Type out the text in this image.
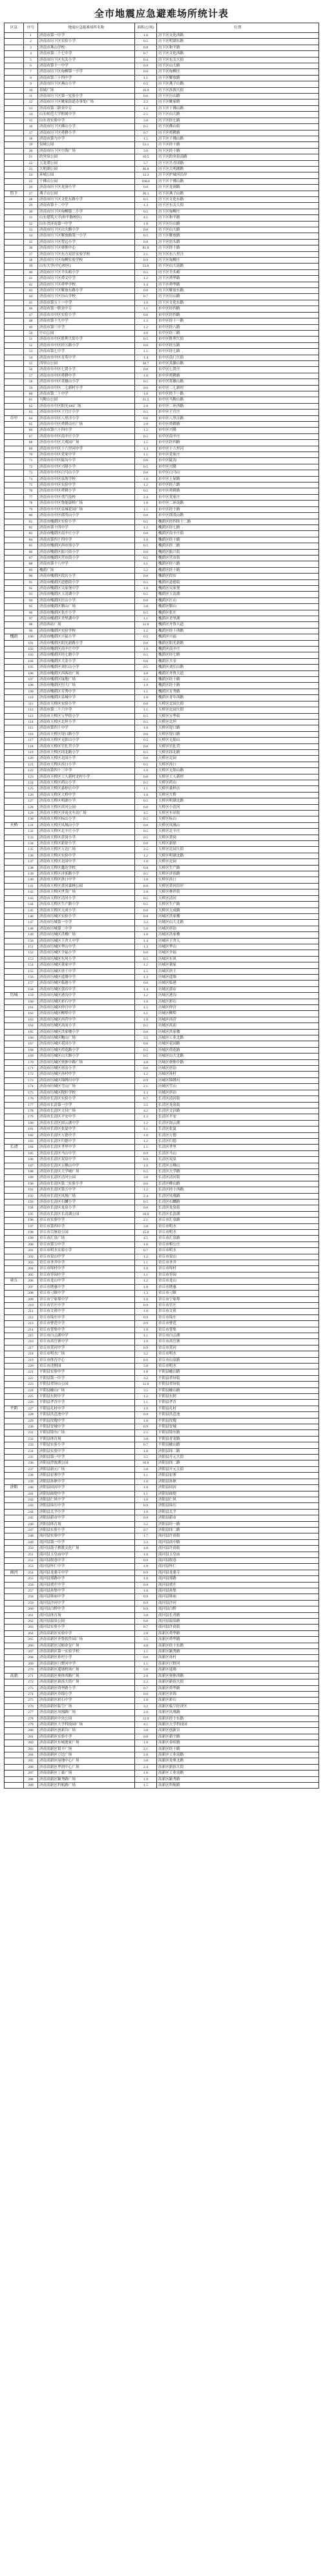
全市地震应急避难场所统计表
区县	序号	地震应急避难场所名称	面积(公顷)	位置
	1	济南市第一中学	1.6	历下区文化西路
	2	济南市历下区实验小学	0.5	历下区明湖东路
	3	济南市燕山学校	0.8	历下区和平路
	4	济南市第二十七中学	0.7	历下区文化西路
	5	济南市历下区东关小学	0.4	历下区东关大街
	6	济南市第十一中学	0.9	历下区山大路
	7	济南市历下区甸柳第一小学	0.6	历下区甸柳庄
	8	济南市第三十四中学	1.1	历下区解放路
	9	济南市历下区燕山小学	0.5	历下区燕子山路
	10	泉城广场	16.9	历下区泺源大街
	11	济南市历下区第一实验小学	0.6	历下区历山路
	12	济南市历下区姚家街道办事处广场	2.3	历下区姚家路
	13	济南市第三职业中专	1.2	历下区千佛山路
	14	山东师范大学附属中学	2.5	历下区山大路
	15	山东省实验中学	3.6	历下区经七路
	16	济南市历下区佛山小学	0.5	历下区佛山街
	17	济南市历下区舜耕小学	0.7	历下区舜耕路
	18	济南市第九中学	1.5	历下区千佛山路
	19	泉城公园	53.1	历下区经十路
	20	济南市历下区中海广场	3.0	历下区经十路
	21	趵突泉公园	10.5	历下区趵突泉南路
	22	五龙潭公园	5.7	历下区共青团路
	23	大明湖公园	46.0	历下区大明湖路
	24	环城公园	12.3	历下区护城河沿岸
	25	千佛山公园	166.0	历下区千佛山路
	26	济南市历下区龙洞小学	0.6	历下区龙洞路
历下	27	燕子山公园	30.1	历下区燕子山路
	28	济南市历下区文化东路小学	0.5	历下区文化东路
	29	济南市第十二中学	1.3	历下区东关大街
	30	济南市历下区甸柳第二小学	0.5	历下区甸柳庄
	31	山东建筑大学(和平路校区)	4.1	历下区和平路
	32	山东省济南第一中学	1.8	历下区历山路
	33	济南市历下区山大路小学	0.6	历下区山大路
	34	济南市历下区解放路第一小学	0.5	历下区解放路
	35	济南市历下区智远小学	0.8	历下区窑头路
	36	济南市历下区奥体中心	81.0	历下区经十路
	37	济南市历下区东方双语实验学校	2.1	历下区东八里洼
	38	济南市历下区甸柳实验学校	0.9	历下区甸柳庄
	39	山东大学(中心校区)	53.0	历下区山大南路
	40	济南市历下区羊头峪小学	0.5	历下区羊头峪
	41	济南市历下区舜文中学	1.2	历下区舜华路
	42	济南市历下区舜华学校	1.4	历下区舜华路
	43	济南市历下区解放东路小学	0.6	历下区解放东路
	44	济南市历下区历山学校	0.7	历下区历山路
	45	济南市第五十一中学	1.0	历下区文化东路
	46	济南市第一职业中专	1.1	市中区经四路
	47	济南市市中区实验小学	0.6	市中区经四路
	48	济南市第十九中学	1.3	市中区经十一路
	49	济南市第三中学	1.2	市中区经八路
	50	中山公园	4.6	市中区经三路
	51	济南市市中区胜利大街小学	0.5	市中区胜利大街
	52	济南市市中区经五路小学	0.6	市中区经五路
	53	济南市第七中学	1.1	市中区经七路
	54	济南市市中区育英中学	1.4	市中区南门大街
	55	四里山公园	38.7	市中区英雄山路
	56	济南市市中区七贤小学	0.6	市中区七贤庄
	57	济南市市中区舜耕中学	1.0	市中区舜耕路
	58	济南市市中区英雄山小学	0.5	市中区英雄山路
	59	济南市市中区二七新村小学	0.6	市中区二七新村
	60	济南市第二十中学	1.0	市中区经十一路
	61	马鞍山公园	21.5	市中区马鞍山路
	62	济南市市中区阳光100广场	2.8	市中区二环西路
	63	济南市市中区王官庄小学	0.5	市中区王官庄
市中	64	济南市市中区八里洼小学	0.6	市中区八里洼路
	65	济南市市中区舜耕山庄广场	2.0	市中区舜耕路
	66	济南市第六十四中学	1.2	市中区兴隆
	67	济南市市中区南辛庄小学	0.5	市中区南辛庄
	68	济南市市中区大观园广场	1.5	市中区经四路
	69	济南市市中区十六里河中学	1.3	市中区十六里河
	70	济南市市中区党家中学	1.1	市中区党家庄
	71	济南市市中区陡沟小学	0.6	市中区陡沟
	72	济南市市中区兴隆小学	0.5	市中区兴隆
	73	济南市市中区白马山小学	0.6	市中区白马山
	74	济南市市中区泉海学校	1.0	市中区土屋路
	75	济南市市中区实验中学	1.2	市中区经六路
	76	济南市市中区舜耕小学	0.5	市中区舜耕路
	77	济南市市中区重汽技校	2.4	市中区党家庄
	78	济南市市中区鲁能康桥广场	1.8	市中区二环南路
	79	济南市市中区泉城花园广场	1.5	市中区经十路
	80	济南市市中区郎茂山小学	0.6	市中区郎茂山路
	81	济南市槐荫区实验小学	0.5	槐荫区经四纬十二路
	82	济南市第十四中学	1.2	槐荫区经七路
	83	济南市槐荫区南辛庄小学	0.6	槐荫区南辛庄街
	84	济南市第四十四中学	1.0	槐荫区经十路
	85	济南市槐荫区西市场小学	0.5	槐荫区经二路
	86	济南市槐荫区振兴街小学	0.6	槐荫区振兴街
	87	济南市槐荫区营市街小学	0.5	槐荫区营市街
	88	济南市第十八中学	1.1	槐荫区经六路
	89	槐荫广场	5.2	槐荫区经十路
	90	济南市槐荫区段店小学	0.6	槐荫区段店
	91	济南市槐荫区道德街小学	0.5	槐荫区道德街
	92	济南市槐荫区吴家堡中学	1.0	槐荫区吴家堡
	93	济南市槐荫区玉清湖小学	0.5	槐荫区玉清湖
	94	济南市槐荫区匡山小学	0.6	槐荫区匡山
	95	济南市槐荫区腊山广场	3.0	槐荫区腊山
	96	济南市槐荫区张庄小学	0.5	槐荫区张庄
	97	济南市槐荫区美里湖中学	1.1	槐荫区美里湖
	98	济南西站广场	12.0	槐荫区齐鲁大道
	99	济南市槐荫区实验学校	1.2	槐荫区经十西路
槐荫	100	济南市槐荫区兴福小学	0.5	槐荫区兴福
	101	济南市槐荫区阳光新路小学	0.6	槐荫区阳光新路
	102	济南市槐荫区南辛庄中学	1.0	槐荫区南辛庄
	103	济南市槐荫区经七路小学	0.5	槐荫区经七路
	104	济南市槐荫区大金小学	0.6	槐荫区大金
	105	济南市槐荫区刘长山小学	0.5	槐荫区刘长山路
	106	济南市槐荫区西客站广场	4.8	槐荫区齐鲁大道
	107	济南市槐荫区绿地广场	2.2	槐荫区经十路
	108	济南市槐荫区恒大广场	1.9	槐荫区经十路
	109	济南市槐荫区育秀中学	1.1	槐荫区育秀路
	110	济南市槐荫区泉城中学	1.0	槐荫区青年西路
	111	济南市天桥区实验小学	0.6	天桥区北园大街
	112	济南市第二十六中学	1.1	天桥区北园大街
	113	济南市天桥区宝华街小学	0.5	天桥区宝华街
	114	济南市天桥区北坦小学	0.5	天桥区北坦
	115	济南市第四十中学	1.0	天桥区堤口路
	116	济南市天桥区堤口路小学	0.6	天桥区堤口路
	117	济南市天桥区无影山小学	0.5	天桥区无影山
	118	济南市天桥区官扎营小学	0.6	天桥区官扎营
	119	济南市天桥区纬北路小学	0.5	天桥区纬北路
	120	济南市天桥区北园小学	0.6	天桥区北园
	121	济南市天桥区泺口小学	0.5	天桥区泺口
	122	济南市第四十三中学	1.0	天桥区无影山路
	123	济南市天桥区工人新村北村小学	0.6	天桥区工人新村
	124	济南市天桥区药山小学	0.5	天桥区药山
	125	济南市天桥区桑梓店中学	1.1	天桥区桑梓店
	126	济南市天桥区大桥中学	1.0	天桥区大桥
	127	济南市天桥区明湖小学	0.5	天桥区明湖北路
	128	济南市天桥区滨河公园	6.0	天桥区小清河
	129	济南市天桥区济南火车站广场	4.5	天桥区车站街
	130	济南市天桥区标山小学	0.5	天桥区标山
天桥	131	济南市天桥区凤凰山小学	0.6	天桥区凤凰山
	132	济南市天桥区北辛庄小学	0.5	天桥区北辛庄
	133	济南市天桥区黄岗小学	0.5	天桥区黄岗
	134	济南市天桥区新徐小学	0.6	天桥区新徐
	135	济南市天桥区万达广场	2.5	天桥区北园大街
	136	济南市天桥区实验中学	1.2	天桥区明湖北路
	137	济南市天桥区北园中学	1.0	天桥区北园
	138	济南市天桥区鑫达学校	0.8	天桥区生产路
	139	济南市天桥区济泺路小学	0.5	天桥区济泺路
	140	济南市天桥区洛口中学	1.0	天桥区泺口
	141	济南市天桥区黄河森林公园	8.0	天桥区黄河沿岸
	142	济南市天桥区世茂广场	2.0	天桥区林祥街
	143	济南市天桥区清河小学	0.5	天桥区清河
	144	济南市天桥区生产路小学	0.5	天桥区生产路
	145	济南市天桥区天成小学	0.6	天桥区天成路
	146	济南市历城区实验小学	0.8	历城区洪家楼
	147	济南市历城第一中学	3.2	历城区山大北路
	148	济南市历城第二中学	5.0	历城区唐冶
	149	济南市历城区洪楼广场	1.8	历城区洪家楼
	150	济南市历城区王舍人中学	1.4	历城区王舍人
	151	济南市历城区华山中学	1.3	历城区华山
	152	济南市历城区全福小学	0.6	历城区全福
	153	济南市历城区东风小学	0.5	历城区东风
	154	济南市历城区董家中学	1.2	历城区董家
	155	济南市历城区唐王中学	1.5	历城区唐王
	156	济南市历城区遥墙中学	1.3	历城区遥墙
	157	济南市历城区临港小学	0.6	历城区临港
	158	济南市历城区郭店中学	1.4	历城区郭店
历城	159	济南市历城区港沟中学	1.2	历城区港沟
	160	济南市历城区彩石中学	1.0	历城区彩石
	161	济南市历城区仲宫中学	1.5	历城区仲宫
	162	济南市历城区柳埠中学	1.1	历城区柳埠
	163	济南市历城区西营中学	1.0	历城区西营
	164	济南市历城区高而小学	0.5	历城区高而
	165	济南市历城区洪家楼小学	0.6	历城区洪家楼
	166	济南市历城区鲍山广场	3.5	历城区工业北路
	167	济南市历城区花园小学	0.6	历城区花园路
	168	济南市历城区荷花路小学	0.5	历城区荷花路
	169	济南市历城区山大路小学	0.5	历城区山大北路
	170	济南市历城区奥体中路广场	4.0	历城区奥体中路
	171	济南市历城区唐冶小学	0.6	历城区唐冶
	172	济南市历城区孙村中学	1.2	历城区孙村
	173	济南市历城区锦绣川中学	0.9	历城区锦绣川
	174	济南市历城区雪山广场	2.1	历城区雪山
	175	济南市历城区稼轩学校	1.3	历城区唐冶
	176	济南市长清区实验小学	0.7	长清区清河街
	177	济南市长清第一中学	3.5	长清区龙泉街
	178	济南市长清区文昌广场	4.2	长清区文昌路
	179	济南市长清区平安中学	1.3	长清区平安
	180	济南市长清区崮云湖中学	1.2	长清区崮云湖
	181	济南市长清区张夏中学	1.1	长清区张夏
	182	济南市长清区万德中学	1.0	长清区万德
	183	济南市长清区归德中学	1.2	长清区归德
长清	184	济南市长清区孝里中学	1.1	长清区孝里
	185	济南市长清区马山中学	0.9	长清区马山
	186	济南市长清区双泉中学	0.9	长清区双泉
	187	济南市长清区五峰山中学	1.0	长清区五峰山
	188	济南市长清区大学城广场	6.5	长清区大学路
	189	济南市长清区清河公园	3.8	长清区清河街
	190	济南市长清区第二实验小学	0.6	长清区峰山路
	191	济南市长清区第五中学	1.2	长清区经十西路
	192	济南市长清区凤凰广场	2.4	长清区凤凰路
	193	济南市长清区石麟小学	0.5	长清区石麟路
	194	济南市长清区龙泉小学	0.6	长清区龙泉街
	195	济南市长清区长清湖公园	10.0	长清区长清湖
	196	章丘市实验中学	2.1	章丘市汇泉路
	197	章丘市第四中学	3.0	章丘市明水
	198	章丘市百脉泉公园	15.0	章丘市明水
	199	章丘市汇泉广场	4.5	章丘市汇泉路
	200	章丘市第五中学	1.6	章丘市相公庄
	201	章丘市明水实验小学	0.7	章丘市明水
	202	章丘市双山中学	1.2	章丘市双山
	203	章丘市圣井中学	1.1	章丘市圣井
	204	章丘市埠村中学	1.0	章丘市埠村
	205	章丘市枣园中学	1.1	章丘市枣园
章丘	206	章丘市龙山中学	1.2	章丘市龙山
	207	章丘市绣惠中学	1.0	章丘市绣惠
	208	章丘市刁镇中学	1.3	章丘市刁镇
	209	章丘市宁家埠中学	1.0	章丘市宁家埠
	210	章丘市官庄中学	0.9	章丘市官庄
	211	章丘市文祖中学	1.0	章丘市文祖
	212	章丘市垛庄中学	0.9	章丘市垛庄
	213	章丘市曹范中学	0.9	章丘市曹范
	214	章丘市普集中学	1.0	章丘市普集
	215	章丘市白云湖中学	1.1	章丘市白云湖
	216	章丘市高官寨中学	1.0	章丘市高官寨
	217	章丘市黄河中学	0.9	章丘市黄河
	218	章丘市明水广场	3.2	章丘市明水
	219	章丘市体育中心	8.0	章丘市山泉路
	220	章丘市清照园	5.0	章丘市明水
	221	平阴县实验中学	1.8	平阴县榆山路
	222	平阴县第一中学	3.2	平阴县翠屏街
	223	平阴县翠屏山公园	12.0	平阴县翠屏街
	224	平阴县榆山广场	3.5	平阴县榆山路
	225	平阴县东阿中学	1.2	平阴县东阿
	226	平阴县孝直中学	1.1	平阴县孝直
平阴	227	平阴县孔村中学	1.0	平阴县孔村
	228	平阴县洪范池中学	0.9	平阴县洪范池
	229	平阴县玫瑰中学	1.0	平阴县玫瑰
	230	平阴县安城中学	0.9	平阴县安城
	231	平阴县锦东广场	2.5	平阴县锦东路
	232	平阴县体育场	3.0	平阴县青龙路
	233	平阴县实验小学	0.7	平阴县榆山路
	234	济阳县实验中学	1.8	济阳县纬二路
	235	济阳县第一中学	3.5	济阳县开元大街
	236	济阳县澄波湖公园	10.0	济阳县纬二路
	237	济阳县新元广场	3.0	济阳县开元大街
	238	济阳县崔寨中学	1.1	济阳县崔寨
	239	济阳县孙耿中学	1.0	济阳县孙耿
济阳	240	济阳县回河中学	1.0	济阳县回河
	241	济阳县曲堤中学	1.1	济阳县曲堤
	242	济阳县仁风中学	1.0	济阳县仁风
	243	济阳县垛石中学	0.9	济阳县垛石
	244	济阳县太平中学	1.0	济阳县太平
	245	济阳县新市中学	0.9	济阳县新市
	246	济阳县体育场	3.2	济阳县经一路
	247	济阳县实验小学	0.7	济阳县纬二路
	248	商河县实验中学	1.7	商河县许商街
	249	商河县第一中学	3.3	商河县商中路
	250	商河县鼓子秧歌文化广场	4.0	商河县许商街
	251	商河县玉皇庙中学	1.0	商河县玉皇庙
	252	商河县殷巷中学	0.9	商河县殷巷
	253	商河县怀仁中学	1.0	商河县怀仁
商河	254	商河县龙桑寺中学	0.9	商河县龙桑寺
	255	商河县郑路中学	1.0	商河县郑路
	256	商河县贾庄中学	0.9	商河县贾庄
	257	商河县孙集中学	1.0	商河县孙集
	258	商河县韩庙中学	0.9	商河县韩庙
	259	商河县沙河中学	0.9	商河县沙河
	260	商河县白桥中学	0.9	商河县白桥
	261	商河县体育场	3.0	商河县长青路
	262	商河县温泉公园	6.0	商河县温泉路
	263	商河县实验小学	0.7	商河县许商街
	264	济南高新区实验中学	2.0	高新区舜华路
	265	济南高新区齐鲁软件园广场	3.5	高新区舜华路
	266	济南高新区汉峪金谷广场	4.0	高新区经十东路
	267	济南高新区第一实验学校	1.5	高新区颖秀路
	268	济南高新区孙村小学	0.6	高新区孙村
	269	济南高新区巨野河中学	1.1	高新区巨野河
	270	济南高新区遥墙机场广场	5.0	高新区遥墙
高新	271	济南高新区奥体西路广场	2.8	高新区奥体西路
	272	济南高新区新泺大街广场	2.2	高新区新泺大街
	273	济南高新区舜华路小学	0.7	高新区舜华路
	274	济南高新区章锦小学	0.6	高新区章锦
	275	济南高新区彩石中学	1.0	高新区彩石
	276	济南高新区临空广场	3.2	高新区临空经济区
	277	济南高新区凤凰路广场	2.0	高新区凤凰路
	278	济南高新区中央公园	12.0	高新区经十东路
	279	济南高新区大学科技园广场	4.5	高新区大学科技园
	280	济南高新区创新谷广场	3.0	高新区创新谷
	281	济南高新区实验小学	0.8	高新区新宇路
	282	济南高新区东城逸家广场	1.8	高新区春暄路
	283	济南高新区银丰广场	2.1	高新区经十路
	284	济南高新区万达广场	2.6	高新区工业南路
	285	济南高新区绿地中心广场	3.0	高新区龙奥北路
	286	济南高新区华润中心广场	2.4	高新区新泺大街
	287	济南高新区丁豪广场	1.6	高新区工业南路
	288	济南高新区颖秀路广场	1.9	高新区颖秀路
	289	济南高新区科航路广场	1.5	高新区科航路
